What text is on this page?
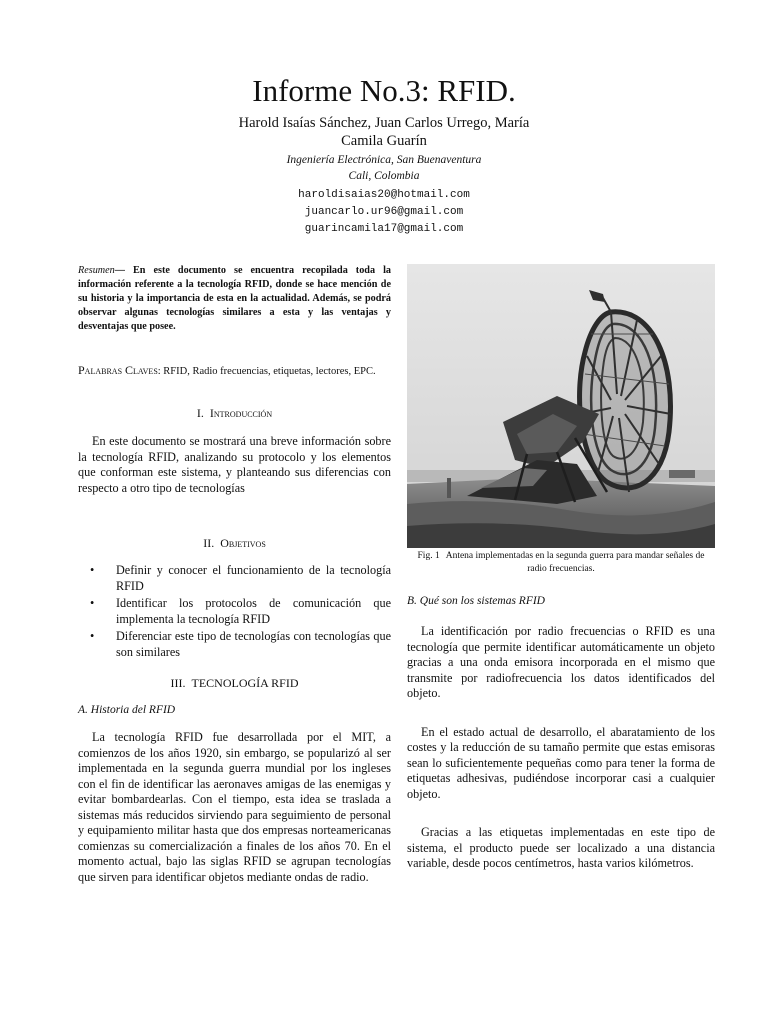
Informe No.3: RFID.
Harold Isaías Sánchez, Juan Carlos Urrego, María Camila Guarín
Ingeniería Electrónica, San Buenaventura
Cali, Colombia
haroldisaias20@hotmail.com
juancarlo.ur96@gmail.com
guarincamila17@gmail.com

Resumen— En este documento se encuentra recopilada toda la información referente a la tecnología RFID, donde se hace mención de su historia y la importancia de esta en la actualidad. Además, se podrá observar algunas tecnologías similares a esta y las ventajas y desventajas que posee.

Palabras Claves: RFID, Radio frecuencias, etiquetas, lectores, EPC.
I. Introducción

En este documento se mostrará una breve información sobre la tecnología RFID, analizando su protocolo y los elementos que conforman este sistema, y planteando sus diferencias con respecto a otro tipo de tecnologías

II. Objetivos
• Definir y conocer el funcionamiento de la tecnología RFID
• Identificar los protocolos de comunicación que implementa la tecnología RFID
• Diferenciar este tipo de tecnologías con tecnologías que son similares
III. TECNOLOGÍA RFID
A. Historia del RFID

La tecnología RFID fue desarrollada por el MIT, a comienzos de los años 1920, sin embargo, se popularizó al ser implementada en la segunda guerra mundial por los ingleses con el fin de identificar las aeronaves amigas de las enemigas y evitar bombardearlas. Con el tiempo, esta idea se traslada a sistemas más reducidos sirviendo para seguimiento de personal y equipamiento militar hasta que dos empresas norteamericanas comienzas su comercialización a finales de los años 70. En el momento actual, bajo las siglas RFID se agrupan tecnologías que sirven para identificar objetos mediante ondas de radio.

Fig. 1 Antena implementadas en la segunda guerra para mandar señales de radio frecuencias.
B. Qué son los sistemas RFID

La identificación por radio frecuencias o RFID es una tecnología que permite identificar automáticamente un objeto gracias a una onda emisora incorporada en el mismo que transmite por radiofrecuencia los datos identificados del objeto.

En el estado actual de desarrollo, el abaratamiento de los costes y la reducción de su tamaño permite que estas emisoras sean lo suficientemente pequeñas como para tener la forma de etiquetas adhesivas, pudiéndose incorporar casi a cualquier objeto.

Gracias a las etiquetas implementadas en este tipo de sistema, el producto puede ser localizado a una distancia variable, desde pocos centímetros, hasta varios kilómetros.
